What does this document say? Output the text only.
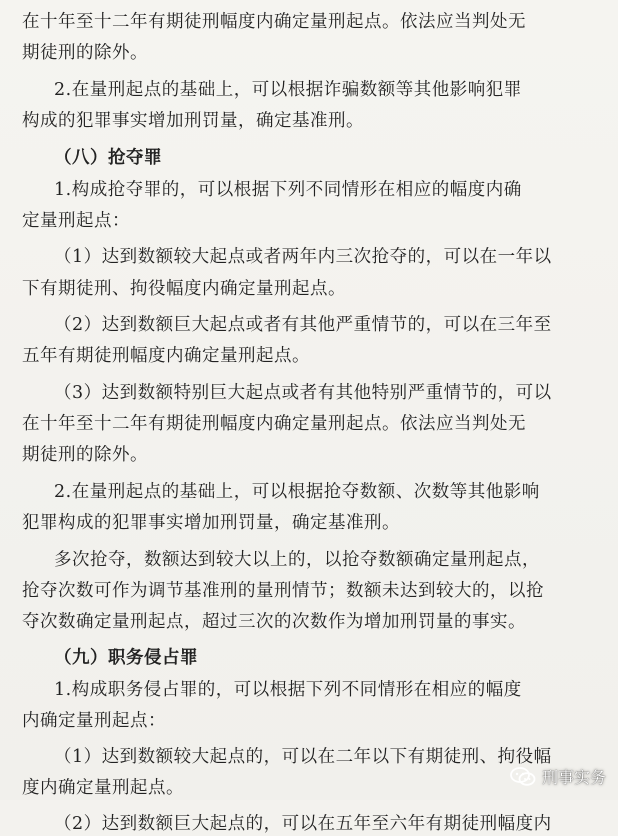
在十年至十二年有期徒刑幅度内确定量刑起点。依法应当判处无
期徒刑的除外。
2.在量刑起点的基础上，可以根据诈骗数额等其他影响犯罪
构成的犯罪事实增加刑罚量，确定基准刑。
（八）抢夺罪
1.构成抢夺罪的，可以根据下列不同情形在相应的幅度内确
定量刑起点：
（1）达到数额较大起点或者两年内三次抢夺的，可以在一年以
下有期徒刑、拘役幅度内确定量刑起点。
（2）达到数额巨大起点或者有其他严重情节的，可以在三年至
五年有期徒刑幅度内确定量刑起点。
（3）达到数额特别巨大起点或者有其他特别严重情节的，可以
在十年至十二年有期徒刑幅度内确定量刑起点。依法应当判处无
期徒刑的除外。
2.在量刑起点的基础上，可以根据抢夺数额、次数等其他影响
犯罪构成的犯罪事实增加刑罚量，确定基准刑。
多次抢夺，数额达到较大以上的，以抢夺数额确定量刑起点，
抢夺次数可作为调节基准刑的量刑情节；数额未达到较大的，以抢
夺次数确定量刑起点，超过三次的次数作为增加刑罚量的事实。
（九）职务侵占罪
1.构成职务侵占罪的，可以根据下列不同情形在相应的幅度
内确定量刑起点：
（1）达到数额较大起点的，可以在二年以下有期徒刑、拘役幅
度内确定量刑起点。
（2）达到数额巨大起点的，可以在五年至六年有期徒刑幅度内
刑事实务
